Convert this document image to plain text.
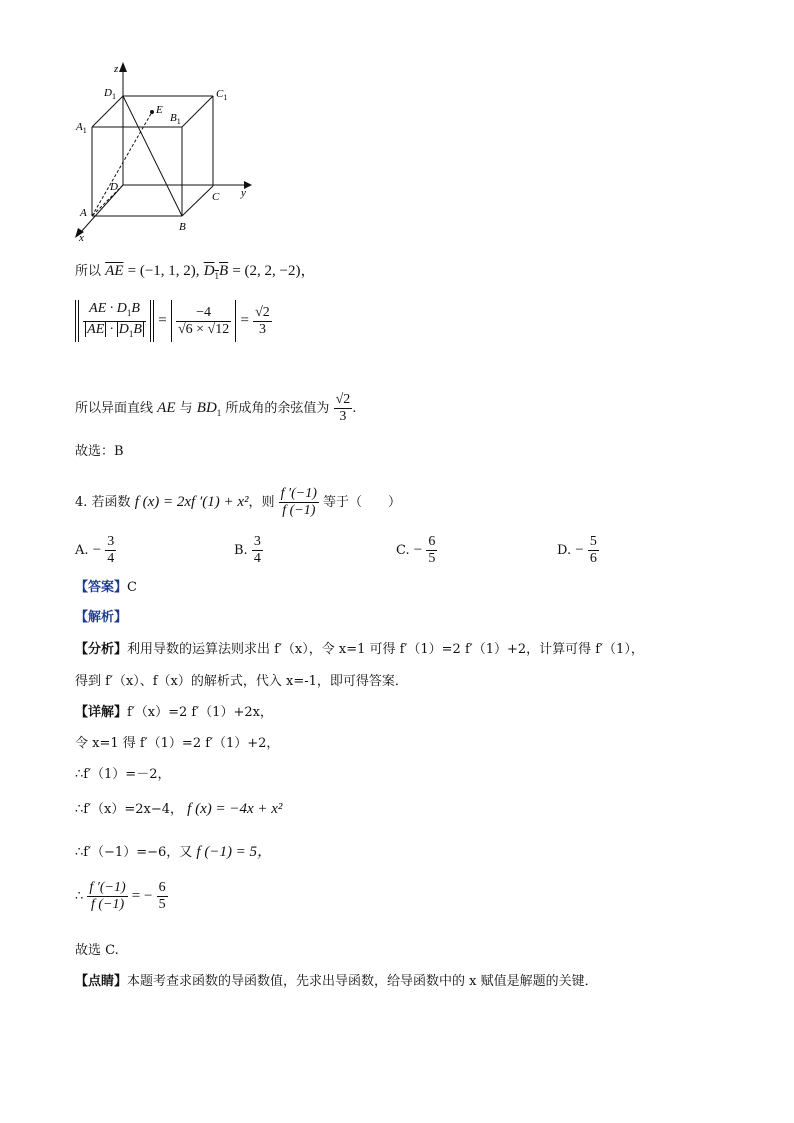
z
y
x
$D_1$	$C_1$
$A_1$
$B_1$
E
D
C
A
B
所以 $\overline{AE} = (-1$, 1, 2), $D_1B = (2$, 2, −2)，

$\frac{AE \cdot D_1B}{AE \cdot D_1B} = \frac{-4}{√6 \times √12} = \frac{√2}{3}$
所以异面直线 AE 与 $BD_1$ 所成角的余弦值为 $\frac{√2}{3}$ .
故选：B
4. 若函数 f (x) = 2xf ′(1) + x²，则 $\frac{f '(-1)}{f (-1)}$ 等于（　　）
A. − $\frac{3}{4}$	B. $\frac{3}{4}$	C. − $\frac{6}{5}$	D. − $\frac{5}{6}$
【答案】C
【解析】
【分析】利用导数的运算法则求出 f′（x），令 x=1 可得 f′（1）=2 f′（1）+2，计算可得 f′（1），
得到 f′（x）、f（x）的解析式，代入 x=-1，即可得答案．
【详解】f′（x）=2 f′（1）+2x，
令 x=1 得 f′（1）=2 f′（1）+2，
∴f′（1）=－2，
∴f′（x）=2x−4， f (x) = −4x + x²
∴f′（−1）=−6，又 f (−1) = 5，
∴ $\frac{f '(-1)}{f (-1)}$ = − $\frac{6}{5}$
故选 C.
【点睛】本题考查求函数的导函数值，先求出导函数，给导函数中的 x 赋值是解题的关键．
